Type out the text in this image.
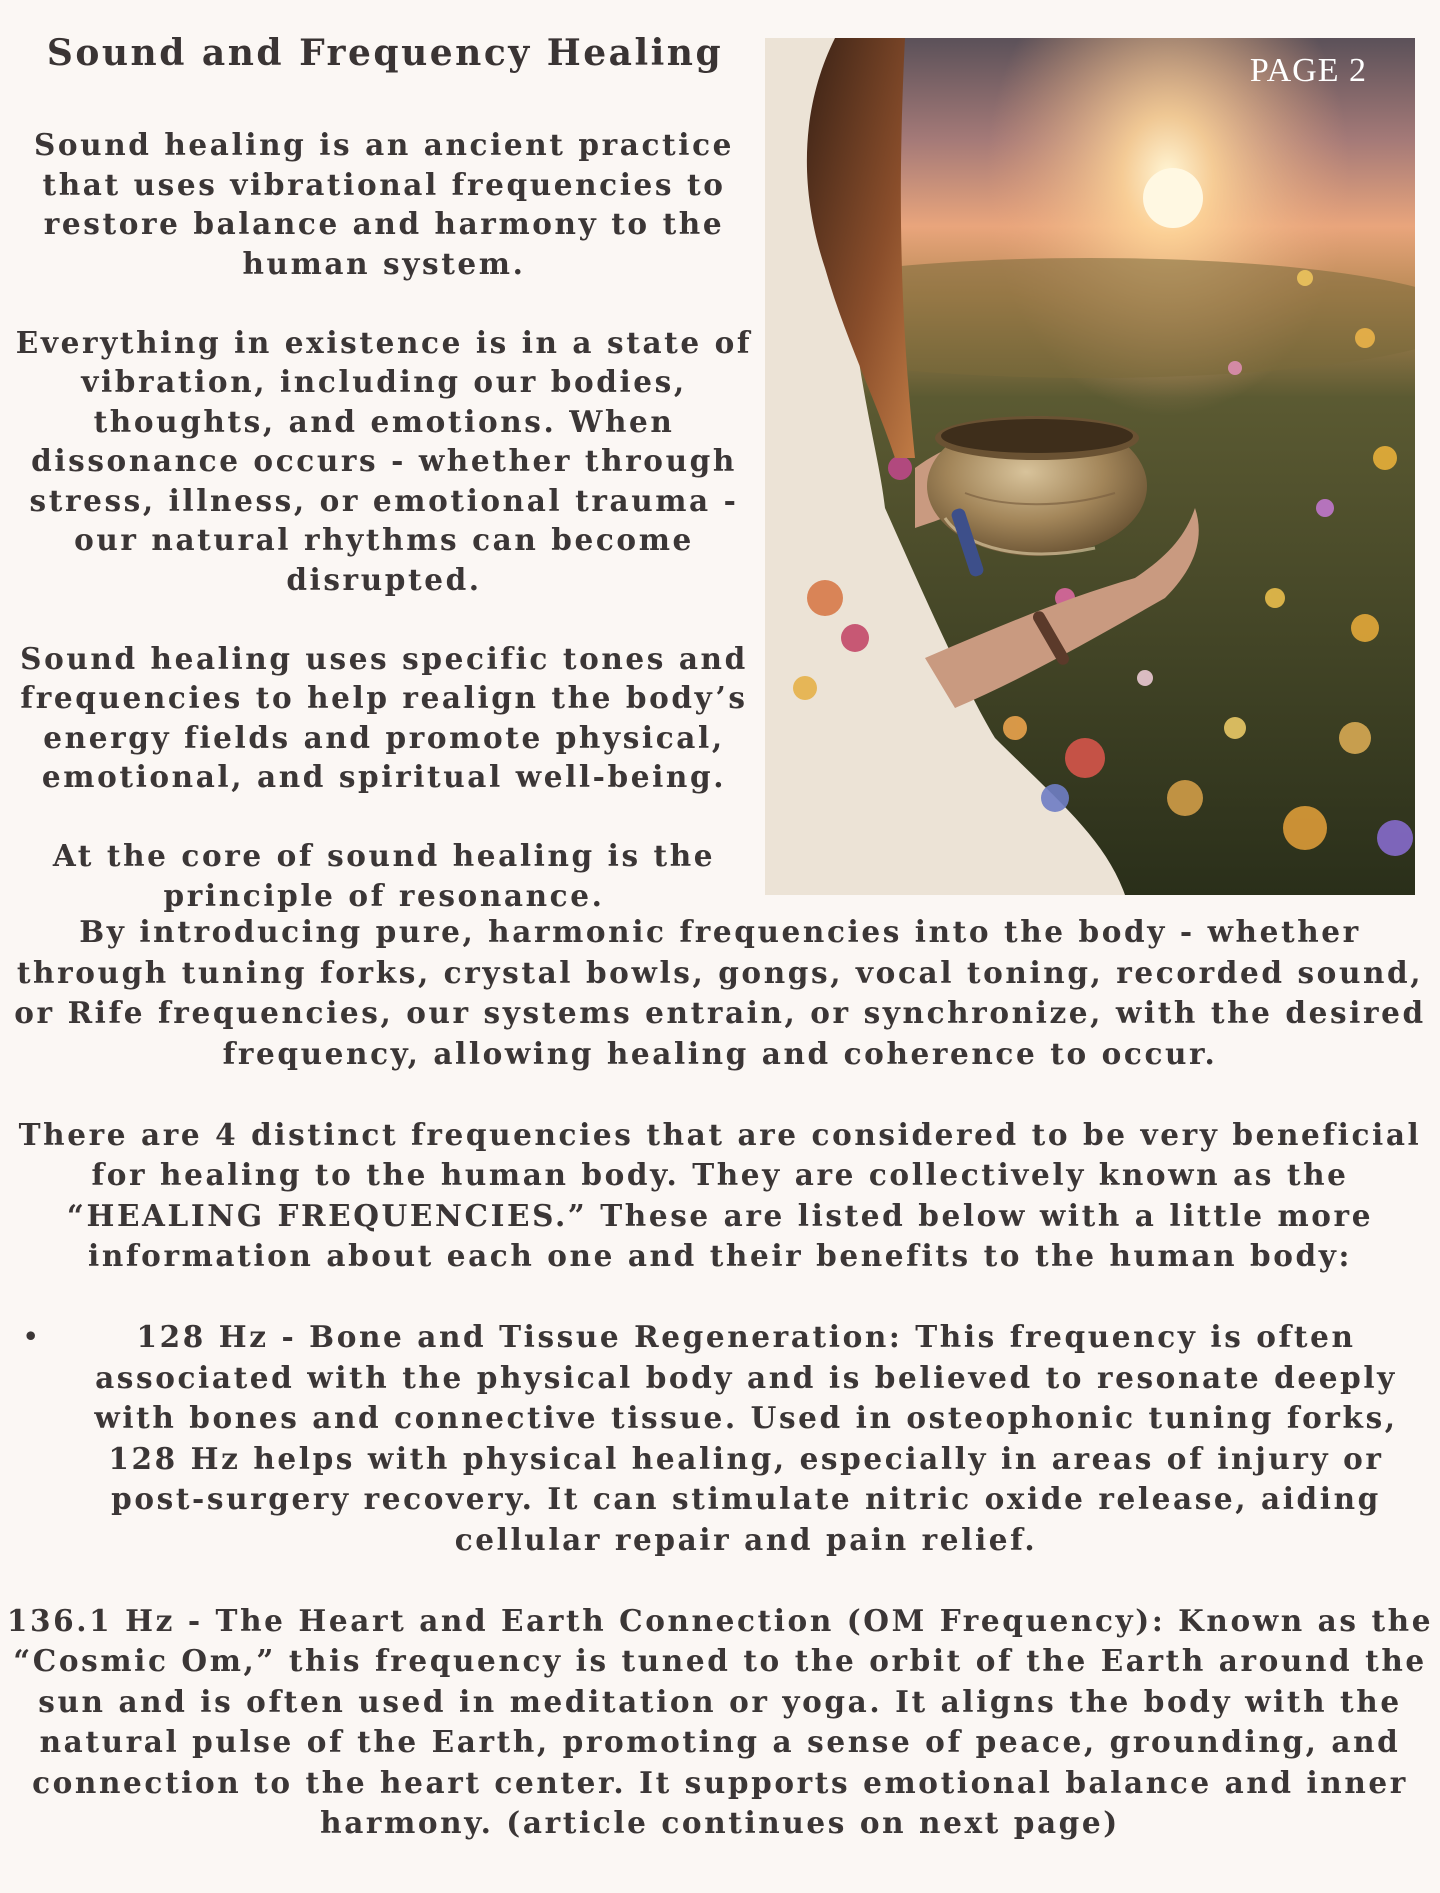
Sound and Frequency Healing

Sound healing is an ancient practice that uses vibrational frequencies to restore balance and harmony to the human system.

Everything in existence is in a state of vibration, including our bodies, thoughts, and emotions. When dissonance occurs - whether through stress, illness, or emotional trauma - our natural rhythms can become disrupted.

Sound healing uses specific tones and frequencies to help realign the body’s energy fields and promote physical, emotional, and spiritual well-being.

At the core of sound healing is the principle of resonance.

PAGE 2

By introducing pure, harmonic frequencies into the body - whether through tuning forks, crystal bowls, gongs, vocal toning, recorded sound, or Rife frequencies, our systems entrain, or synchronize, with the desired frequency, allowing healing and coherence to occur.

There are 4 distinct frequencies that are considered to be very beneficial for healing to the human body. They are collectively known as the “HEALING FREQUENCIES.” These are listed below with a little more information about each one and their benefits to the human body:

•	128 Hz - Bone and Tissue Regeneration: This frequency is often associated with the physical body and is believed to resonate deeply with bones and connective tissue. Used in osteophonic tuning forks, 128 Hz helps with physical healing, especially in areas of injury or post-surgery recovery. It can stimulate nitric oxide release, aiding cellular repair and pain relief.

136.1 Hz - The Heart and Earth Connection (OM Frequency): Known as the “Cosmic Om,” this frequency is tuned to the orbit of the Earth around the sun and is often used in meditation or yoga. It aligns the body with the natural pulse of the Earth, promoting a sense of peace, grounding, and connection to the heart center. It supports emotional balance and inner harmony. (article continues on next page)
